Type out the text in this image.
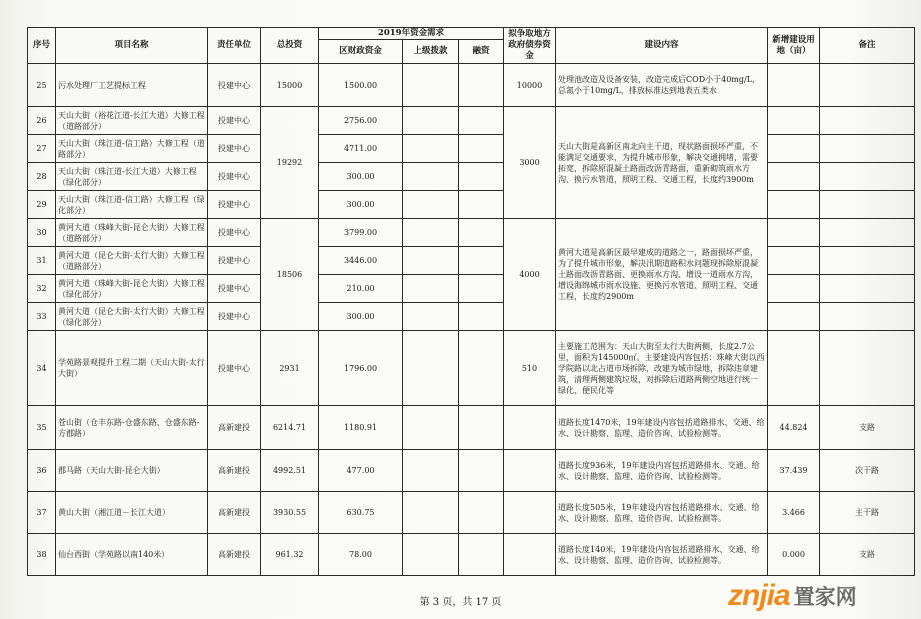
序号	项目名称	责任单位	总投资	2019年资金需求			拟争取地方政府债券资金	建设内容	新增建设用地（亩）	备注
				区财政资金	上级拨款	融资				
25	污水处理厂工艺提标工程	投建中心	15000	1500.00			10000	处理池改造及设备安装，改造完成后COD小于40mg/L，总氮小于10mg/L，排放标准达到地表五类水		
26	天山大街（裕花江道-长江大道）大修工程（道路部分）	投建中心	19292	2756.00			3000	天山大街是高新区南北向主干道，现状路面损坏严重，不能满足交通要求，为提升城市形象，解决交通拥堵，需要拓宽，拆除原混凝土路面改沥青路面，重新砌筑雨水方沟、换污水管道，照明工程、交通工程，长度约3900m		
27	天山大街（珠江道-信工路）大修工程（道路部分）	投建中心		4711.00						
28	天山大街（珠江道-长江大道）大修工程（绿化部分）	投建中心		300.00						
29	天山大街（珠江道-信工路）大修工程（绿化部分）	投建中心		300.00						
30	黄河大道（珠峰大街-昆仑大街）大修工程（道路部分）	投建中心	18506	3799.00			4000	黄河大道是高新区最早建成的道路之一，路面损坏严重，为了提升城市形象，解决汛期道路积水问题现拆除原混凝土路面改沥青路面、更换雨水方沟、增设一道雨水方沟，增设海绵城市雨水设施、更换污水管道、照明工程、交通工程，长度约2900m		
31	黄河大道（昆仑大街-太行大街）大修工程（道路部分）	投建中心		3446.00						
32	黄河大道（珠峰大街-昆仑大街）大修工程（绿化部分）	投建中心		210.00						
33	黄河大道（昆仑大街-太行大街）大修工程（绿化部分）	投建中心		300.00						
34	学苑路景观提升工程二期（天山大街-太行大街）	投建中心	2931	1796.00			510	主要施工范围为：天山大街至太行大街两侧，长度2.7公里，面积为145000㎡。主要建设内容包括：珠峰大街以西学院路以北占道市场拆除，改建为城市绿地，拆除违章建筑，清理两侧建筑垃圾，对拆除后道路两侧空地进行统一绿化、便民化等		
35	苍山街（仓丰东路-仓盛东路、仓盛东路-方郡路）	高新建投	6214.71	1180.91				道路长度1470米，19年建设内容包括道路排水、交通、给水、设计勘察、监理、造价咨询、试验检测等。	44.824	支路
36	郡马路（天山大街-昆仑大街）	高新建投	4992.51	477.00				道路长度936米，19年建设内容包括道路排水、交通、给水、设计勘察、监理、造价咨询、试验检测等。	37.439	次干路
37	黄山大街（湘江道－长江大道）	高新建投	3930.55	630.75				道路长度505米，19年建设内容包括道路排水、交通、给水、设计勘察、监理、造价咨询、试验检测等。	3.466	主干路
38	仙台西街（学苑路以南140米）	高新建投	961.32	78.00				道路长度140米，19年建设内容包括道路排水、交通、给水、设计勘察、监理、造价咨询、试验检测等。	0.000	支路
第 3 页，共 17 页	znjia 置家网
